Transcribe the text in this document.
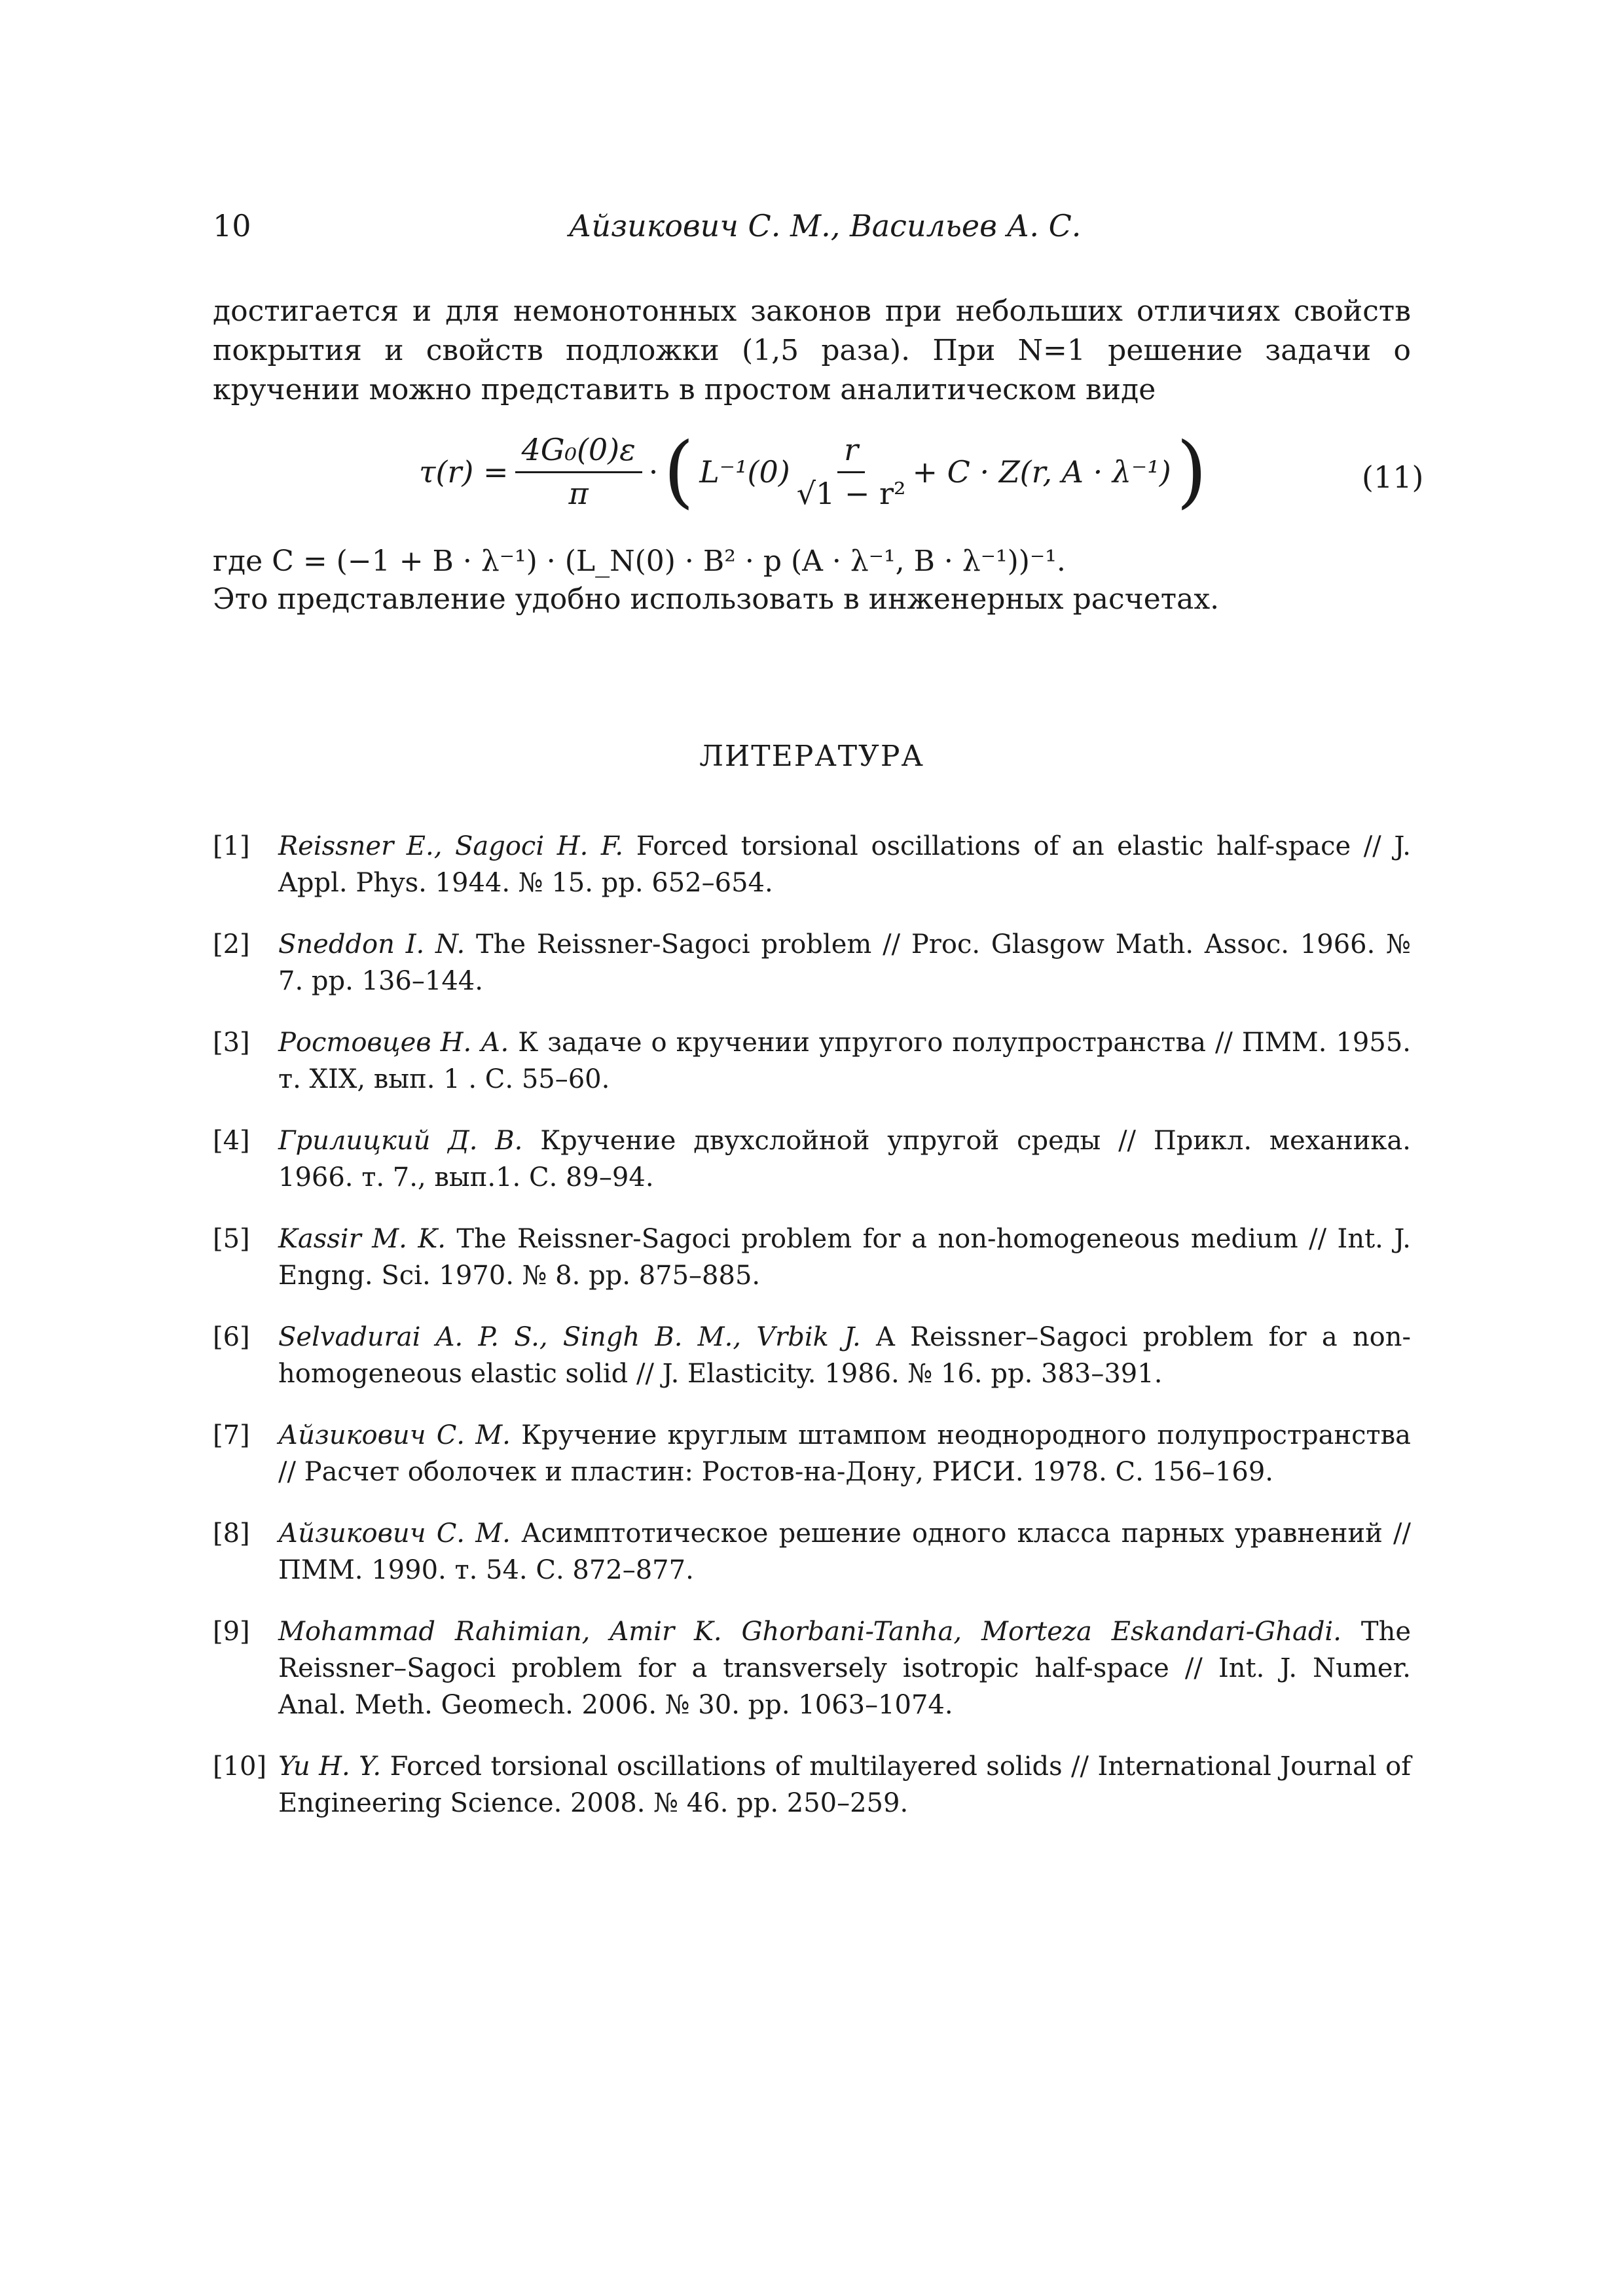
10	Айзикович С. М., Васильев А. С.
достигается и для немонотонных законов при небольших отличиях свойств покрытия и свойств подложки (1,5 раза). При N=1 решение задачи о кручении можно представить в простом аналитическом виде
$\tau(r) = \frac{\text{4G₀(0)ε}}{\pi}$ · ( $L^{-1}(0) \frac{r}{\text{√1 − r²}} + C \cdot Z(r$, A · λ⁻¹) )	(11)
где C = (−1 + B · λ⁻¹) · (L_N(0) · B² · p (A · λ⁻¹, B · λ⁻¹))⁻¹.
Это представление удобно использовать в инженерных расчетах.
ЛИТЕРАТУРА
[1]	Reissner E., Sagoci H. F. Forced torsional oscillations of an elastic half-space // J. Appl. Phys. 1944. № 15. pp. 652–654.
[2]	Sneddon I. N. The Reissner-Sagoci problem // Proc. Glasgow Math. Assoc. 1966. № 7. pp. 136–144.
[3]	Ростовцев Н. А. К задаче о кручении упругого полупространства // ПММ. 1955. т. XIX, вып. 1 . С. 55–60.
[4]	Грилицкий Д. В. Кручение двухслойной упругой среды // Прикл. механика. 1966. т. 7., вып.1. С. 89–94.
[5]	Kassir M. K. The Reissner-Sagoci problem for a non-homogeneous medium // Int. J. Engng. Sci. 1970. № 8. pp. 875–885.
[6]	Selvadurai A. P. S., Singh B. M., Vrbik J. A Reissner–Sagoci problem for a non-homogeneous elastic solid // J. Elasticity. 1986. № 16. pp. 383–391.
[7]	Айзикович С. М. Кручение круглым штампом неоднородного полупространства // Расчет оболочек и пластин: Ростов-на-Дону, РИСИ. 1978. С. 156–169.
[8]	Айзикович С. М. Асимптотическое решение одного класса парных уравнений // ПММ. 1990. т. 54. С. 872–877.
[9]	Mohammad Rahimian, Amir K. Ghorbani-Tanha, Morteza Eskandari-Ghadi. The Reissner–Sagoci problem for a transversely isotropic half-space // Int. J. Numer. Anal. Meth. Geomech. 2006. № 30. pp. 1063–1074.
[10] Yu H. Y. Forced torsional oscillations of multilayered solids // International Journal of Engineering Science. 2008. № 46. pp. 250–259.
